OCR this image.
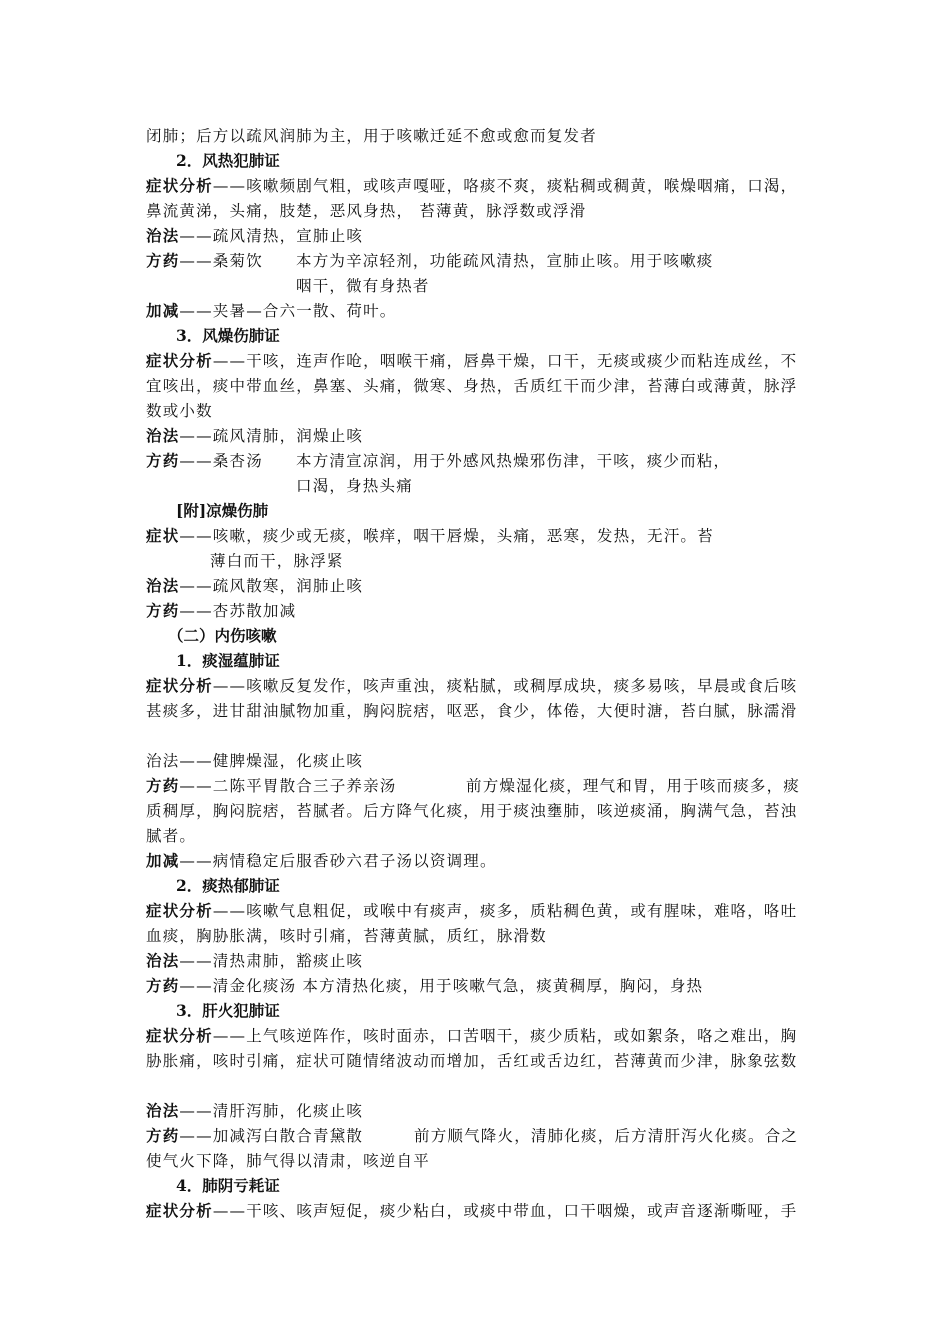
闭肺；后方以疏风润肺为主，用于咳嗽迁延不愈或愈而复发者
2．风热犯肺证
症状分析——咳嗽频剧气粗，或咳声嘎哑，咯痰不爽，痰粘稠或稠黄，喉燥咽痛，口渴，
鼻流黄涕，头痛，肢楚，恶风身热， 苔薄黄，脉浮数或浮滑
治法——疏风清热，宣肺止咳
方药——桑菊饮 本方为辛凉轻剂，功能疏风清热，宣肺止咳。用于咳嗽痰
咽干，微有身热者
加减——夹暑—合六一散、荷叶。
3．风燥伤肺证
症状分析——干咳，连声作呛，咽喉干痛，唇鼻干燥，口干，无痰或痰少而粘连成丝，不
宜咳出，痰中带血丝，鼻塞、头痛，微寒、身热，舌质红干而少津，苔薄白或薄黄，脉浮
数或小数
治法——疏风清肺，润燥止咳
方药——桑杏汤 本方清宣凉润，用于外感风热燥邪伤津，干咳，痰少而粘，
口渴，身热头痛
[附]凉燥伤肺
症状——咳嗽，痰少或无痰，喉痒，咽干唇燥，头痛，恶寒，发热，无汗。苔
薄白而干，脉浮紧
治法——疏风散寒，润肺止咳
方药——杏苏散加减
（二）内伤咳嗽
1．痰湿蕴肺证
症状分析——咳嗽反复发作，咳声重浊，痰粘腻，或稠厚成块，痰多易咳，早晨或食后咳
甚痰多，进甘甜油腻物加重，胸闷脘痞，呕恶，食少，体倦，大便时溏，苔白腻，脉濡滑
治法——健脾燥湿，化痰止咳
方药——二陈平胃散合三子养亲汤	前方燥湿化痰，理气和胃，用于咳而痰多，痰
质稠厚，胸闷脘痞，苔腻者。后方降气化痰，用于痰浊壅肺，咳逆痰涌，胸满气急，苔浊
腻者。
加减——病情稳定后服香砂六君子汤以资调理。
2．痰热郁肺证
症状分析——咳嗽气息粗促，或喉中有痰声，痰多，质粘稠色黄，或有腥味，难咯，咯吐
血痰，胸胁胀满，咳时引痛，苔薄黄腻，质红，脉滑数
治法——清热肃肺，豁痰止咳
方药——清金化痰汤 本方清热化痰，用于咳嗽气急，痰黄稠厚，胸闷，身热
3．肝火犯肺证
症状分析——上气咳逆阵作，咳时面赤，口苦咽干，痰少质粘，或如絮条，咯之难出，胸
胁胀痛，咳时引痛，症状可随情绪波动而增加，舌红或舌边红，苔薄黄而少津，脉象弦数
治法——清肝泻肺，化痰止咳
方药——加减泻白散合青黛散	前方顺气降火，清肺化痰，后方清肝泻火化痰。合之
使气火下降，肺气得以清肃，咳逆自平
4．肺阴亏耗证
症状分析——干咳、咳声短促，痰少粘白，或痰中带血，口干咽燥，或声音逐渐嘶哑，手
